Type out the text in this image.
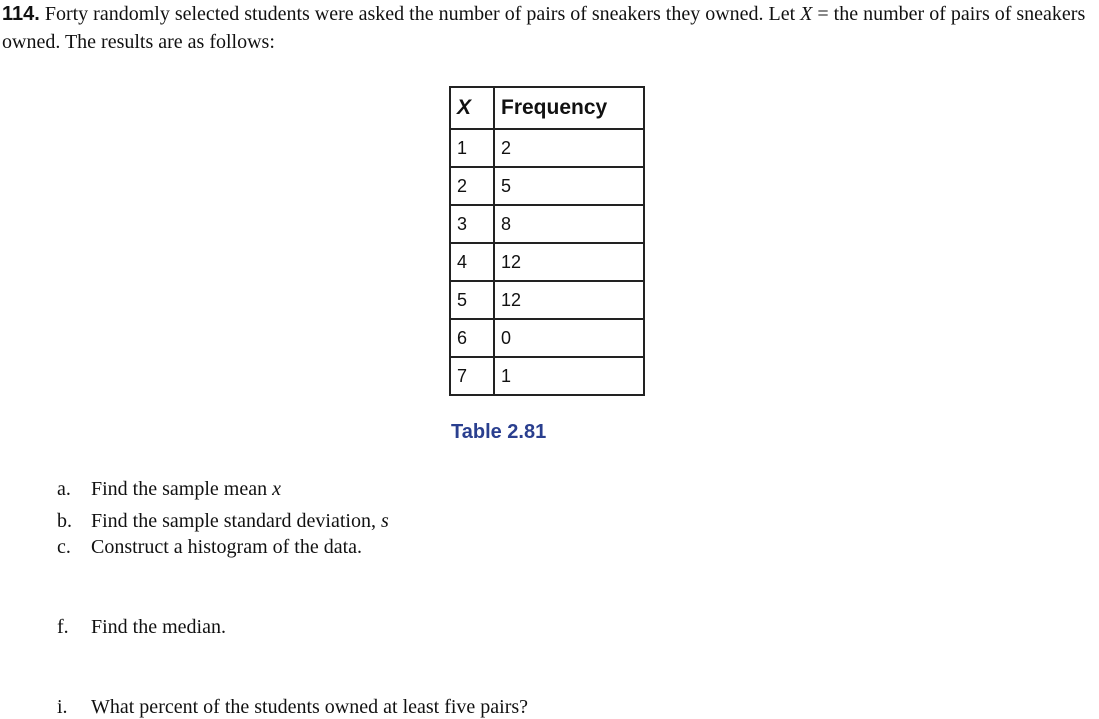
114. Forty randomly selected students were asked the number of pairs of sneakers they owned. Let X = the number of pairs of sneakers owned. The results are as follows:
X	Frequency
1	2
2	5
3	8
4	12
5	12
6	0
7	1
Table 2.81
a. Find the sample mean x
b. Find the sample standard deviation, s
c. Construct a histogram of the data.
f. Find the median.
i. What percent of the students owned at least five pairs?
